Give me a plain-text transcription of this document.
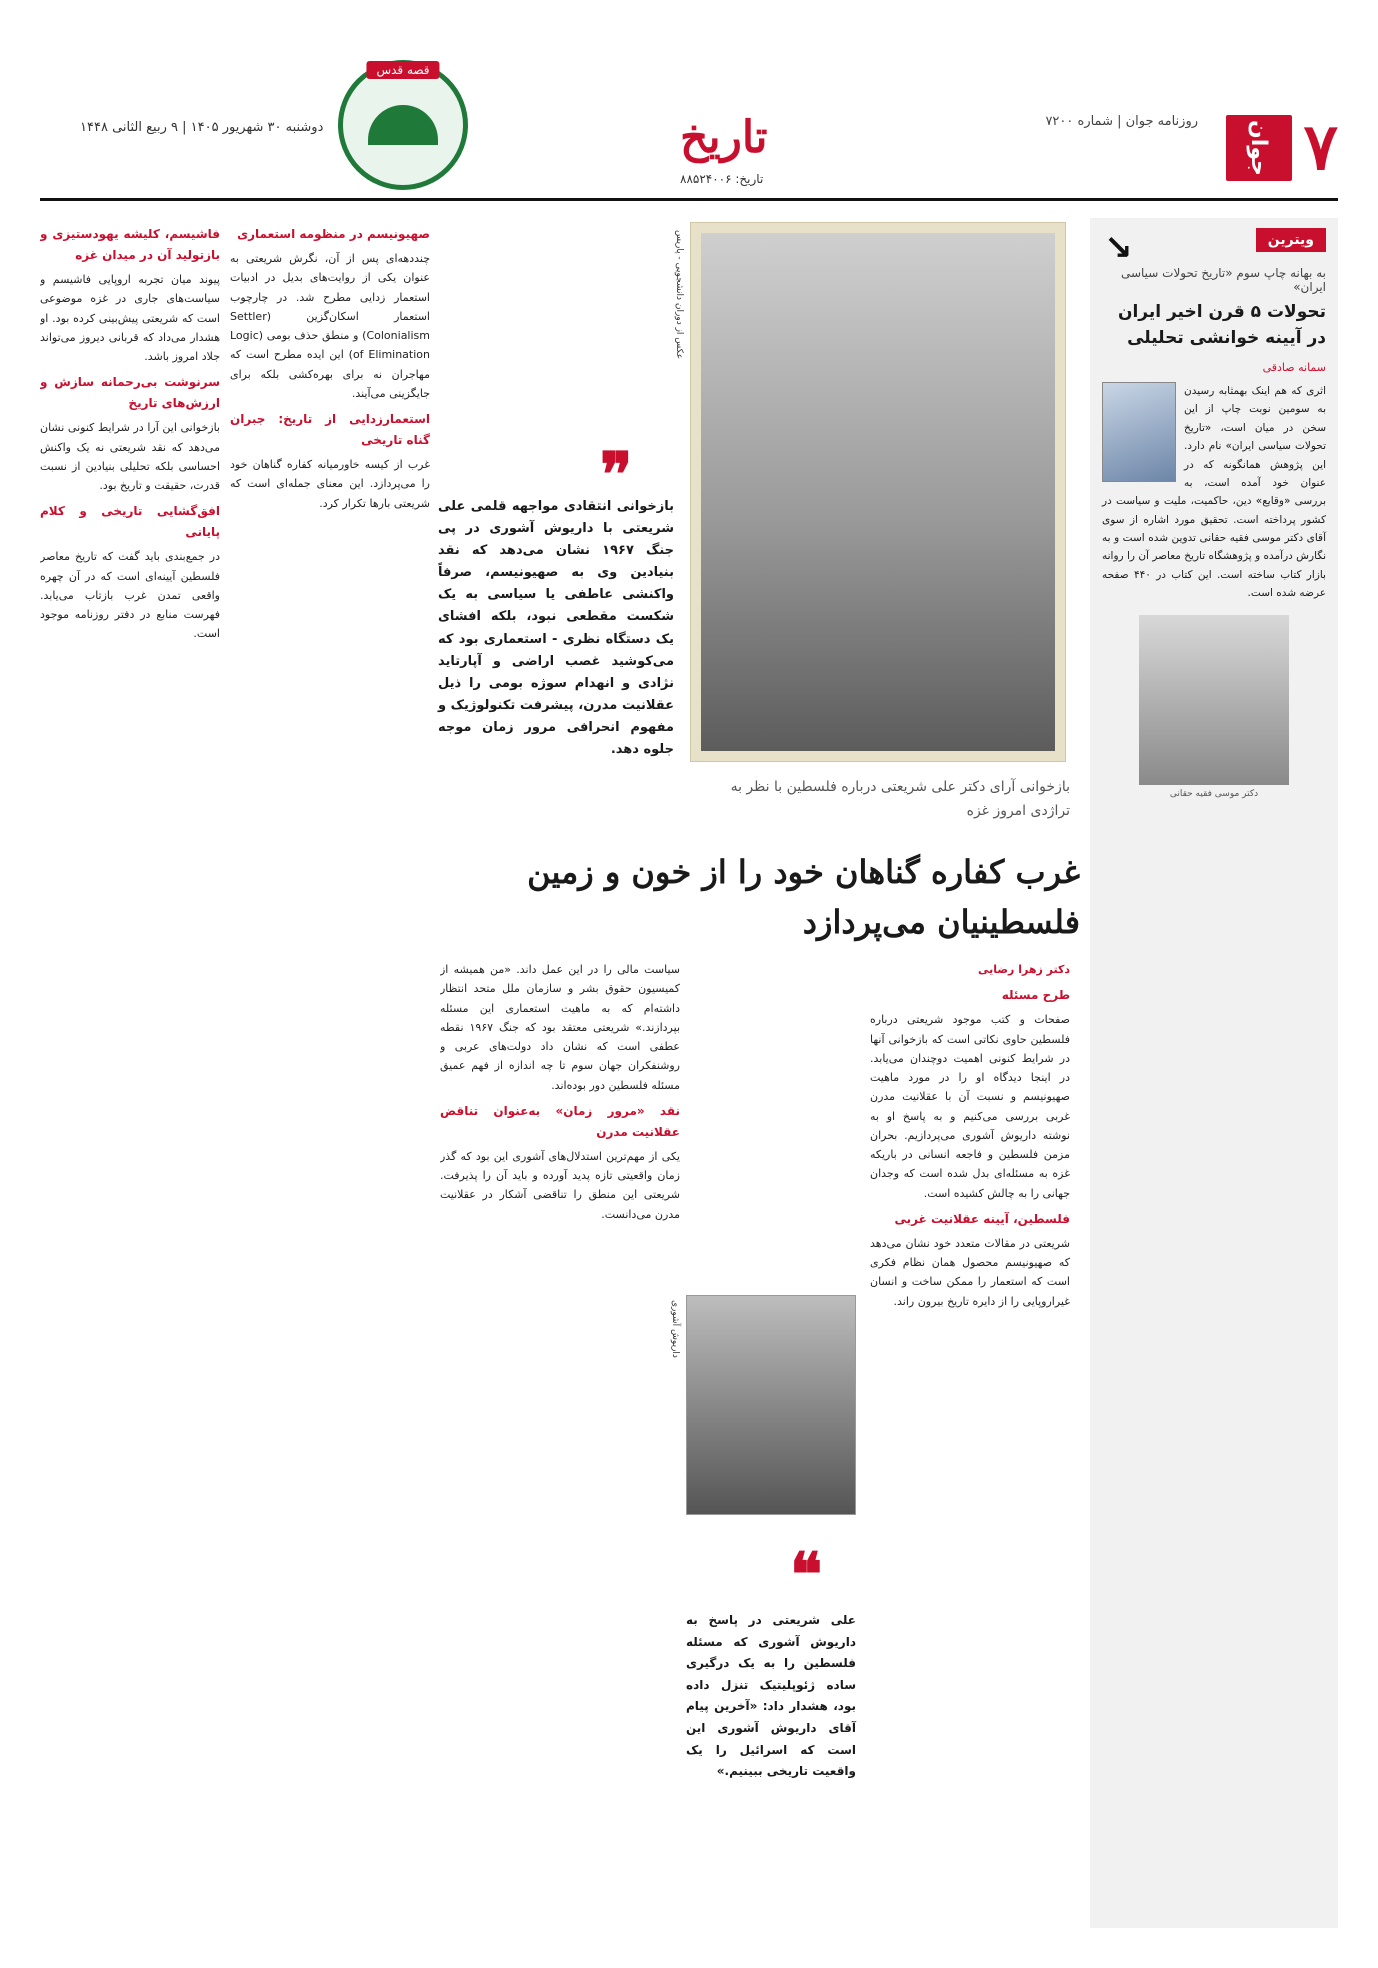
۷
جوان
روزنامه جوان | شماره ۷۲۰۰
قصه قدس
تاریخ
تاریخ: ۸۸۵۲۴۰۰۶
دوشنبه ۳۰ شهریور ۱۴۰۵ | ۹ ربیع الثانی ۱۴۴۸
↘	ویترین
به بهانه چاپ سوم «تاریخ تحولات سیاسی ایران»
تحولات ۵ قرن اخیر ایران در آیینه خوانشی تحلیلی
سمانه صادقی
اثری که هم اینک بهمثابه رسیدن به سومین نوبت چاپ از این سخن در میان است، «تاریخ تحولات سیاسی ایران» نام دارد. این پژوهش همانگونه که در عنوان خود آمده است، به بررسی «وقایع» دین، حاکمیت، ملیت و سیاست در کشور پرداخته است. تحقیق مورد اشاره از سوی آقای دکتر موسی فقیه حقانی تدوین شده است و به نگارش درآمده و پژوهشگاه تاریخ معاصر آن را روانه بازار کتاب ساخته است. این کتاب در ۴۴۰ صفحه عرضه شده است.
دکتر موسی فقیه حقانی
عکس از دوران دانشجویی - پاریس
❞
بازخوانی انتقادی مواجهه قلمی علی شریعتی با داریوش آشوری در پی جنگ ۱۹۶۷ نشان می‌دهد که نقد بنیادین وی به صهیونیسم، صرفاً واکنشی عاطفی یا سیاسی به یک شکست مقطعی نبود، بلکه افشای یک دستگاه نظری - استعماری بود که می‌کوشید غصب اراضی و آپارتاید نژادی و انهدام سوژه بومی را ذیل عقلانیت مدرن، پیشرفت تکنولوژیک و مفهوم انحرافی مرور زمان موجه جلوه دهد.
بازخوانی آرای دکتر علی شریعتی درباره فلسطین با نظر به تراژدی امروز غزه
غرب کفاره گناهان خود را از خون و زمین فلسطینیان می‌پردازد

دکتر زهرا رضایی

طرح مسئله

صفحات و کتب موجود شریعتی درباره فلسطین حاوی نکاتی است که بازخوانی آنها در شرایط کنونی اهمیت دوچندان می‌یابد. در اینجا دیدگاه او را در مورد ماهیت صهیونیسم و نسبت آن با عقلانیت مدرن غربی بررسی می‌کنیم و به پاسخ او به نوشته داریوش آشوری می‌پردازیم. بحران مزمن فلسطین و فاجعه انسانی در باریکه غزه به مسئله‌ای بدل شده است که وجدان جهانی را به چالش کشیده است.

فلسطین، آیینه عقلانیت غربی

شریعتی در مقالات متعدد خود نشان می‌دهد که صهیونیسم محصول همان نظام فکری است که استعمار را ممکن ساخت و انسان غیراروپایی را از دایره تاریخ بیرون راند.

سیاست مالی را در این عمل داند. «من همیشه از کمیسیون حقوق بشر و سازمان ملل متحد انتظار داشته‌ام که به ماهیت استعماری این مسئله بپردازند.» شریعتی معتقد بود که جنگ ۱۹۶۷ نقطه عطفی است که نشان داد دولت‌های عربی و روشنفکران جهان سوم تا چه اندازه از فهم عمیق مسئله فلسطین دور بوده‌اند.

نقد «مرور زمان» به‌عنوان تناقض عقلانیت مدرن

یکی از مهم‌ترین استدلال‌های آشوری این بود که گذر زمان واقعیتی تازه پدید آورده و باید آن را پذیرفت. شریعتی این منطق را تناقضی آشکار در عقلانیت مدرن می‌دانست.

داریوش آشوری
❝
علی شریعتی در پاسخ به داریوش آشوری که مسئله فلسطین را به یک درگیری ساده ژئوپلیتیک تنزل داده بود، هشدار داد: «آخرین پیام آقای داریوش آشوری این است که اسرائیل را یک واقعیت تاریخی ببینیم.»
صهیونیسم در منظومه استعماری

چنددهه‌ای پس از آن، نگرش شریعتی به عنوان یکی از روایت‌های بدیل در ادبیات استعمار زدایی مطرح شد. در چارچوب استعمار اسکان‌گزین (Settler Colonialism) و منطق حذف بومی (Logic of Elimination) این ایده مطرح است که مهاجران نه برای بهره‌کشی بلکه برای جایگزینی می‌آیند.

استعمارزدایی از تاریخ: جبران گناه تاریخی

غرب از کیسه خاورمیانه کفاره گناهان خود را می‌پردازد. این معنای جمله‌ای است که شریعتی بارها تکرار کرد.

فاشیسم، کلیشه یهودستیزی و بازتولید آن در میدان غزه

پیوند میان تجربه اروپایی فاشیسم و سیاست‌های جاری در غزه موضوعی است که شریعتی پیش‌بینی کرده بود. او هشدار می‌داد که قربانی دیروز می‌تواند جلاد امروز باشد.

سرنوشت بی‌رحمانه سازش و ارزش‌های تاریخ

بازخوانی این آرا در شرایط کنونی نشان می‌دهد که نقد شریعتی نه یک واکنش احساسی بلکه تحلیلی بنیادین از نسبت قدرت، حقیقت و تاریخ بود.

افق‌گشایی تاریخی و کلام پایانی

در جمع‌بندی باید گفت که تاریخ معاصر فلسطین آیینه‌ای است که در آن چهره واقعی تمدن غرب بازتاب می‌یابد. فهرست منابع در دفتر روزنامه موجود است.
